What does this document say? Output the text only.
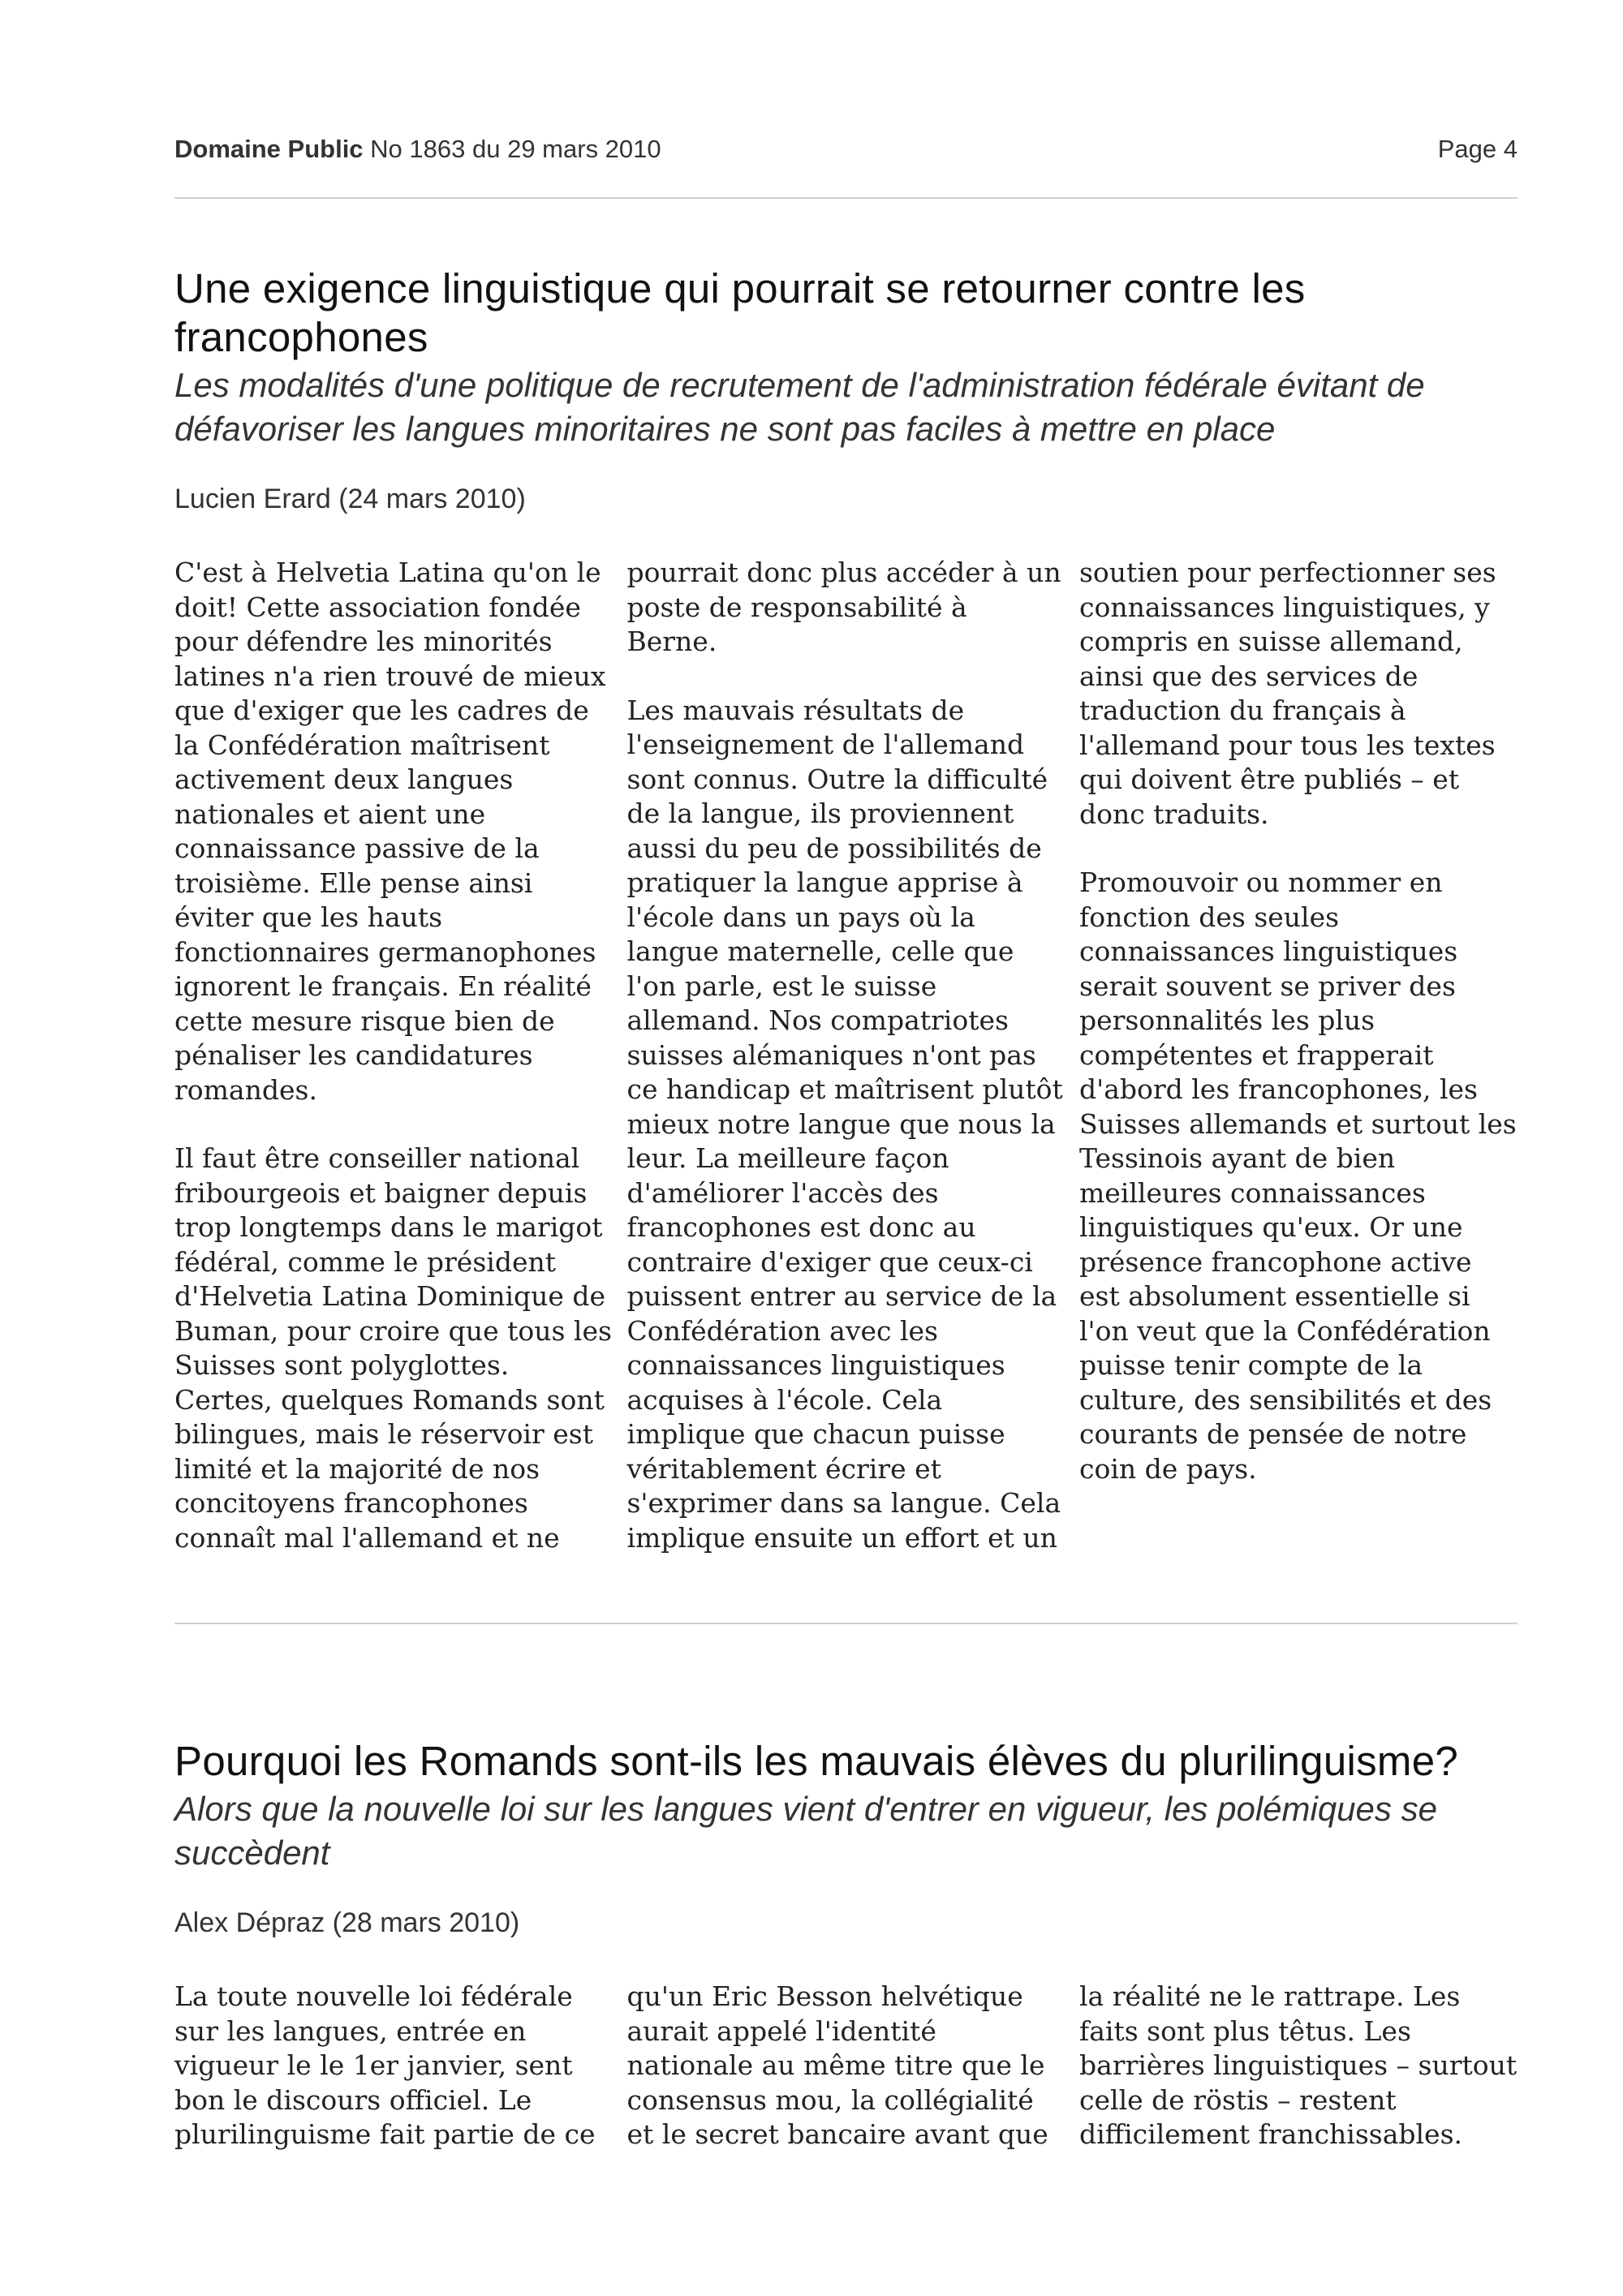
Domaine Public No 1863 du 29 mars 2010	Page 4
Une exigence linguistique qui pourrait se retourner contre les francophones
Les modalités d'une politique de recrutement de l'administration fédérale évitant de défavoriser les langues minoritaires ne sont pas faciles à mettre en place
Lucien Erard (24 mars 2010)

C'est à Helvetia Latina qu'on le doit! Cette association fondée pour défendre les minorités latines n'a rien trouvé de mieux que d'exiger que les cadres de la Confédération maîtrisent activement deux langues nationales et aient une connaissance passive de la troisième. Elle pense ainsi éviter que les hauts fonctionnaires germanophones ignorent le français. En réalité cette mesure risque bien de pénaliser les candidatures romandes.

Il faut être conseiller national fribourgeois et baigner depuis trop longtemps dans le marigot fédéral, comme le président d'Helvetia Latina Dominique de Buman, pour croire que tous les Suisses sont polyglottes. Certes, quelques Romands sont bilingues, mais le réservoir est limité et la majorité de nos concitoyens francophones connaît mal l'allemand et ne

pourrait donc plus accéder à un poste de responsabilité à Berne.

Les mauvais résultats de l'enseignement de l'allemand sont connus. Outre la difficulté de la langue, ils proviennent aussi du peu de possibilités de pratiquer la langue apprise à l'école dans un pays où la langue maternelle, celle que l'on parle, est le suisse allemand. Nos compatriotes suisses alémaniques n'ont pas ce handicap et maîtrisent plutôt mieux notre langue que nous la leur. La meilleure façon d'améliorer l'accès des francophones est donc au contraire d'exiger que ceux-ci puissent entrer au service de la Confédération avec les connaissances linguistiques acquises à l'école. Cela implique que chacun puisse véritablement écrire et s'exprimer dans sa langue. Cela implique ensuite un effort et un

soutien pour perfectionner ses connaissances linguistiques, y compris en suisse allemand, ainsi que des services de traduction du français à l'allemand pour tous les textes qui doivent être publiés – et donc traduits.

Promouvoir ou nommer en fonction des seules connaissances linguistiques serait souvent se priver des personnalités les plus compétentes et frapperait d'abord les francophones, les Suisses allemands et surtout les Tessinois ayant de bien meilleures connaissances linguistiques qu'eux. Or une présence francophone active est absolument essentielle si l'on veut que la Confédération puisse tenir compte de la culture, des sensibilités et des courants de pensée de notre coin de pays.

Pourquoi les Romands sont-ils les mauvais élèves du plurilinguisme?
Alors que la nouvelle loi sur les langues vient d'entrer en vigueur, les polémiques se succèdent
Alex Dépraz (28 mars 2010)

La toute nouvelle loi fédérale sur les langues, entrée en vigueur le le 1er janvier, sent bon le discours officiel. Le plurilinguisme fait partie de ce

qu'un Eric Besson helvétique aurait appelé l'identité nationale au même titre que le consensus mou, la collégialité et le secret bancaire avant que

la réalité ne le rattrape. Les faits sont plus têtus. Les barrières linguistiques – surtout celle de röstis – restent difficilement franchissables.
